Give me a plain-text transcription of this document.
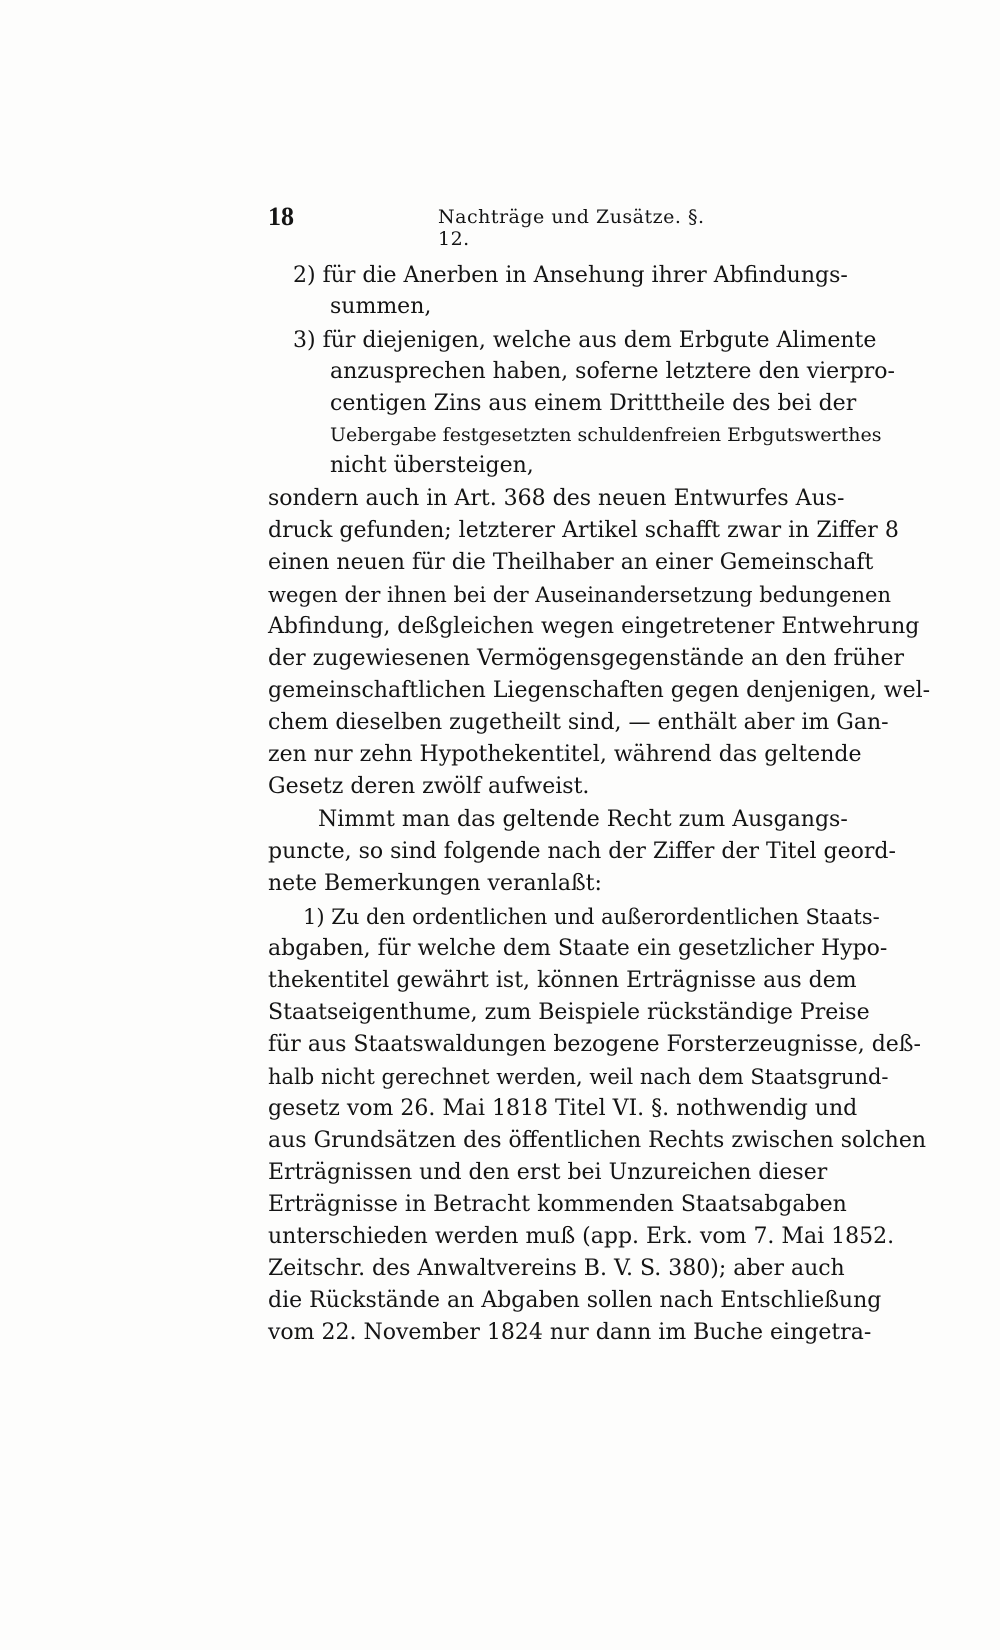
18	Nachträge und Zusätze. §. 12.
2) für die Anerben in Ansehung ihrer Abfindungs-
summen,
3) für diejenigen, welche aus dem Erbgute Alimente
anzusprechen haben, soferne letztere den vierpro-
centigen Zins aus einem Dritttheile des bei der
Uebergabe festgesetzten schuldenfreien Erbgutswerthes
nicht übersteigen,
sondern auch in Art. 368 des neuen Entwurfes Aus-
druck gefunden; letzterer Artikel schafft zwar in Ziffer 8
einen neuen für die Theilhaber an einer Gemeinschaft
wegen der ihnen bei der Auseinandersetzung bedungenen
Abfindung, deßgleichen wegen eingetretener Entwehrung
der zugewiesenen Vermögensgegenstände an den früher
gemeinschaftlichen Liegenschaften gegen denjenigen, wel-
chem dieselben zugetheilt sind, — enthält aber im Gan-
zen nur zehn Hypothekentitel, während das geltende
Gesetz deren zwölf aufweist.
Nimmt man das geltende Recht zum Ausgangs-
puncte, so sind folgende nach der Ziffer der Titel geord-
nete Bemerkungen veranlaßt:
1) Zu den ordentlichen und außerordentlichen Staats-
abgaben, für welche dem Staate ein gesetzlicher Hypo-
thekentitel gewährt ist, können Erträgnisse aus dem
Staatseigenthume, zum Beispiele rückständige Preise
für aus Staatswaldungen bezogene Forsterzeugnisse, deß-
halb nicht gerechnet werden, weil nach dem Staatsgrund-
gesetz vom 26. Mai 1818 Titel VI. §. nothwendig und
aus Grundsätzen des öffentlichen Rechts zwischen solchen
Erträgnissen und den erst bei Unzureichen dieser
Erträgnisse in Betracht kommenden Staatsabgaben
unterschieden werden muß (app. Erk. vom 7. Mai 1852.
Zeitschr. des Anwaltvereins B. V. S. 380); aber auch
die Rückstände an Abgaben sollen nach Entschließung
vom 22. November 1824 nur dann im Buche eingetra-
